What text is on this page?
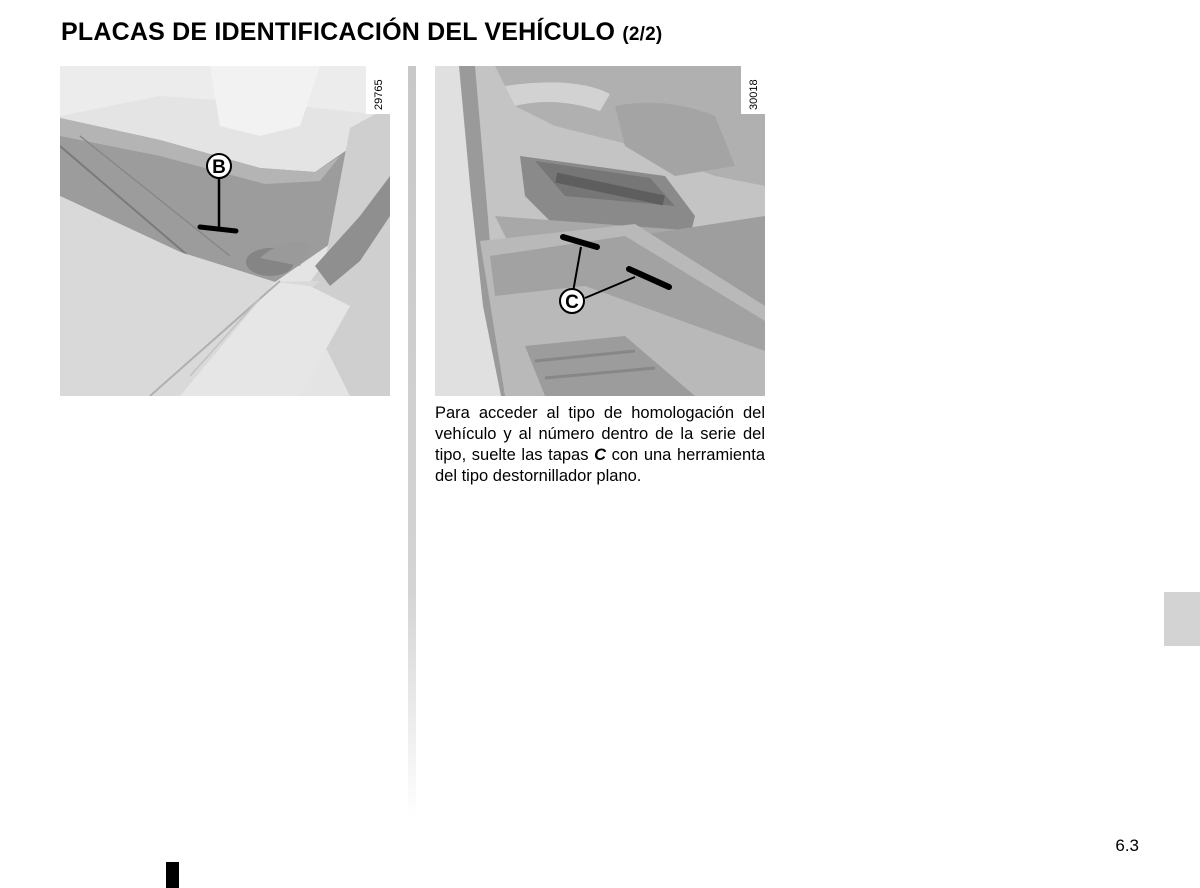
PLACAS DE IDENTIFICACIÓN DEL VEHÍCULO (2/2)
B
29765
C
30018

Para acceder al tipo de homologación del vehículo y al número dentro de la serie del tipo, suelte las tapas C con una herramienta del tipo destornillador plano.

6.3
